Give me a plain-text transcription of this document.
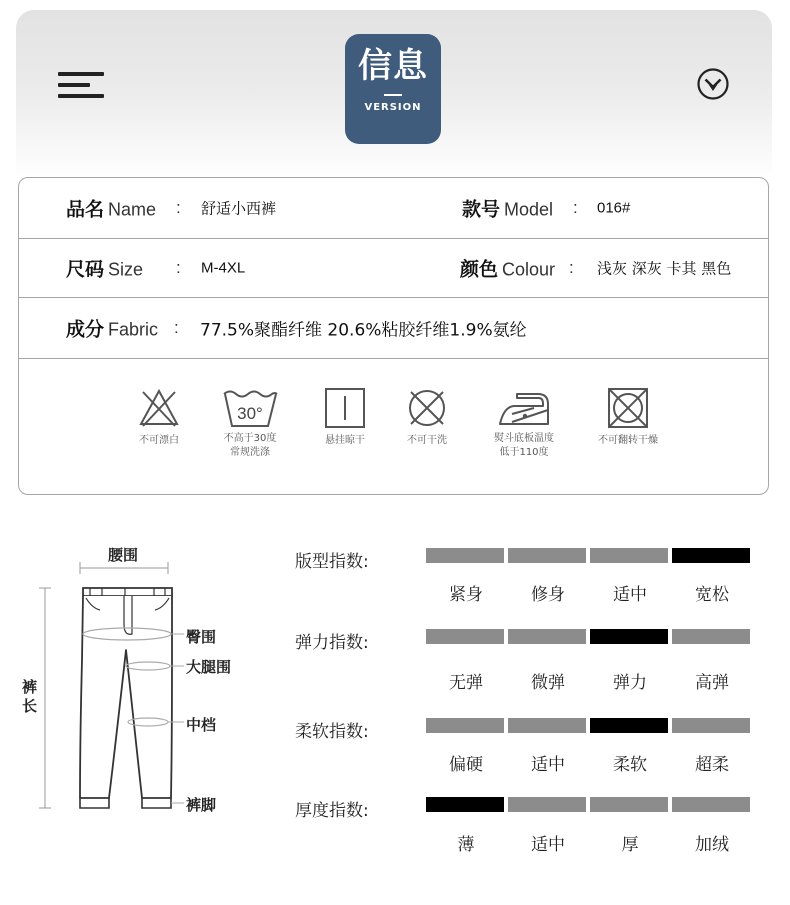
信息
VERSION
品名 Name : 舒适小西裤	款号 Model : 016#
尺码 Size : M-4XL	颜色 Colour : 浅灰 深灰 卡其 黑色
成分 Fabric : 77.5%聚酯纤维 20.6%粘胶纤维1.9%氨纶
不可漂白
30°
不高于30度
常规洗涤
悬挂晾干	不可干洗	熨斗底板温度
低于110度
不可翻转干燥
腰围
臀围
大腿围
中档
裤脚
裤长
版型指数:
紧身	修身	适中	宽松
弹力指数:
无弹	微弹	弹力	高弹
柔软指数:
偏硬	适中	柔软	超柔
厚度指数:
薄	适中	厚	加绒
